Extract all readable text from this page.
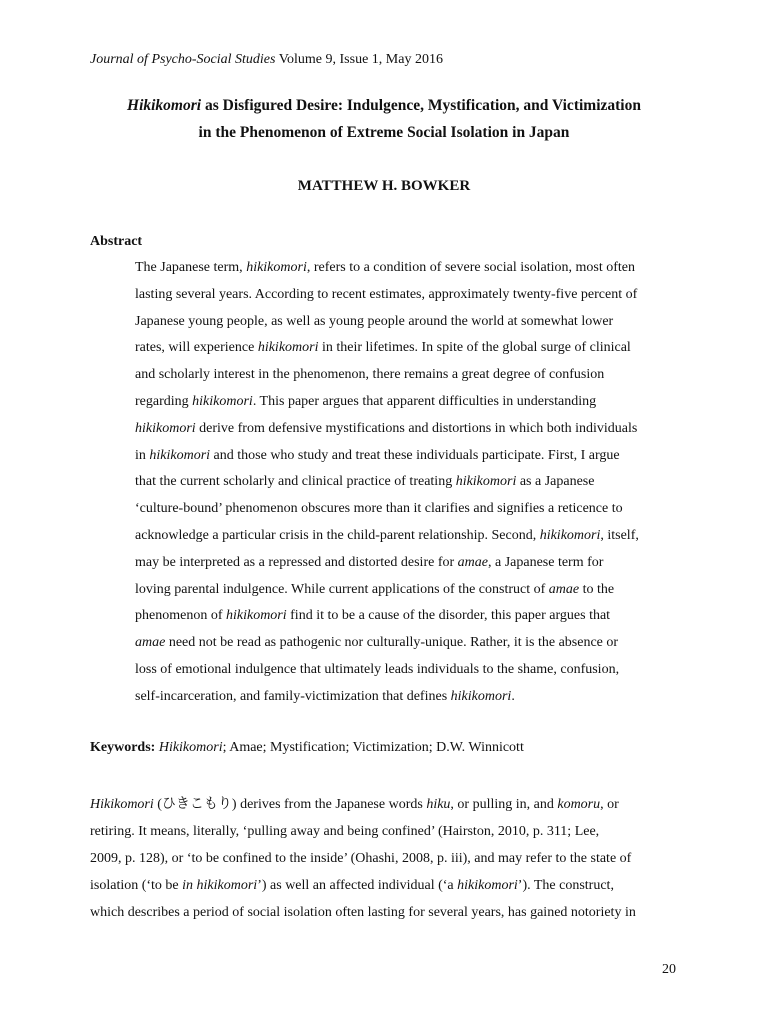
Journal of Psycho-Social Studies Volume 9, Issue 1, May 2016
Hikikomori as Disfigured Desire: Indulgence, Mystification, and Victimization
in the Phenomenon of Extreme Social Isolation in Japan
MATTHEW H. BOWKER
Abstract
The Japanese term, hikikomori, refers to a condition of severe social isolation, most often
lasting several years. According to recent estimates, approximately twenty-five percent of
Japanese young people, as well as young people around the world at somewhat lower
rates, will experience hikikomori in their lifetimes. In spite of the global surge of clinical
and scholarly interest in the phenomenon, there remains a great degree of confusion
regarding hikikomori. This paper argues that apparent difficulties in understanding
hikikomori derive from defensive mystifications and distortions in which both individuals
in hikikomori and those who study and treat these individuals participate. First, I argue
that the current scholarly and clinical practice of treating hikikomori as a Japanese
‘culture-bound’ phenomenon obscures more than it clarifies and signifies a reticence to
acknowledge a particular crisis in the child-parent relationship. Second, hikikomori, itself,
may be interpreted as a repressed and distorted desire for amae, a Japanese term for
loving parental indulgence. While current applications of the construct of amae to the
phenomenon of hikikomori find it to be a cause of the disorder, this paper argues that
amae need not be read as pathogenic nor culturally-unique. Rather, it is the absence or
loss of emotional indulgence that ultimately leads individuals to the shame, confusion,
self-incarceration, and family-victimization that defines hikikomori.
Keywords: Hikikomori; Amae; Mystification; Victimization; D.W. Winnicott
Hikikomori (ひきこもり) derives from the Japanese words hiku, or pulling in, and komoru, or
retiring. It means, literally, ‘pulling away and being confined’ (Hairston, 2010, p. 311; Lee,
2009, p. 128), or ‘to be confined to the inside’ (Ohashi, 2008, p. iii), and may refer to the state of
isolation (‘to be in hikikomori’) as well an affected individual (‘a hikikomori’). The construct,
which describes a period of social isolation often lasting for several years, has gained notoriety in
20
